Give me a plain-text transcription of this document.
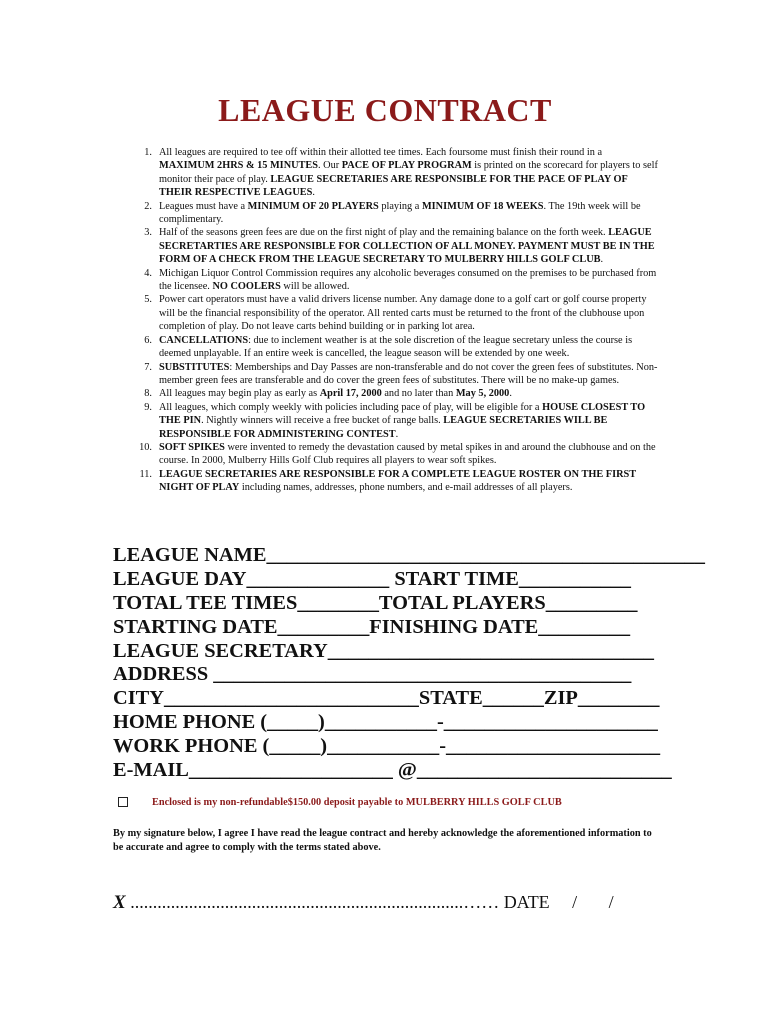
LEAGUE CONTRACT
1. All leagues are required to tee off within their allotted tee times. Each foursome must finish their round in a MAXIMUM 2HRS & 15 MINUTES. Our PACE OF PLAY PROGRAM is printed on the scorecard for players to self monitor their pace of play. LEAGUE SECRETARIES ARE RESPONSIBLE FOR THE PACE OF PLAY OF THEIR RESPECTIVE LEAGUES.
2. Leagues must have a MINIMUM OF 20 PLAYERS playing a MINIMUM OF 18 WEEKS. The 19th week will be complimentary.
3. Half of the seasons green fees are due on the first night of play and the remaining balance on the forth week. LEAGUE SECRETARTIES ARE RESPONSIBLE FOR COLLECTION OF ALL MONEY. PAYMENT MUST BE IN THE FORM OF A CHECK FROM THE LEAGUE SECRETARY TO MULBERRY HILLS GOLF CLUB.
4. Michigan Liquor Control Commission requires any alcoholic beverages consumed on the premises to be purchased from the licensee. NO COOLERS will be allowed.
5. Power cart operators must have a valid drivers license number. Any damage done to a golf cart or golf course property will be the financial responsibility of the operator. All rented carts must be returned to the front of the clubhouse upon completion of play. Do not leave carts behind building or in parking lot area.
6. CANCELLATIONS: due to inclement weather is at the sole discretion of the league secretary unless the course is deemed unplayable. If an entire week is cancelled, the league season will be extended by one week.
7. SUBSTITUTES: Memberships and Day Passes are non-transferable and do not cover the green fees of substitutes. Non-member green fees are transferable and do cover the green fees of substitutes. There will be no make-up games.
8. All leagues may begin play as early as April 17, 2000 and no later than May 5, 2000.
9. All leagues, which comply weekly with policies including pace of play, will be eligible for a HOUSE CLOSEST TO THE PIN. Nightly winners will receive a free bucket of range balls. LEAGUE SECRETARIES WILL BE RESPONSIBLE FOR ADMINISTERING CONTEST.
10. SOFT SPIKES were invented to remedy the devastation caused by metal spikes in and around the clubhouse and on the course. In 2000, Mulberry Hills Golf Club requires all players to wear soft spikes.
11. LEAGUE SECRETARIES ARE RESPONSIBLE FOR A COMPLETE LEAGUE ROSTER ON THE FIRST NIGHT OF PLAY including names, addresses, phone numbers, and e-mail addresses of all players.
LEAGUE NAME___________________________________________
LEAGUE DAY______________ START TIME___________
TOTAL TEE TIMES________TOTAL PLAYERS_________
STARTING DATE_________FINISHING DATE_________
LEAGUE SECRETARY________________________________
ADDRESS _________________________________________
CITY_________________________STATE______ZIP________
HOME PHONE (_____)___________-_____________________
WORK PHONE (_____)___________-_____________________
E-MAIL____________________ @_________________________
Enclosed is my non-refundable$150.00 deposit payable to MULBERRY HILLS GOLF CLUB
By my signature below, I agree I have read the league contract and hereby acknowledge the aforementioned information to be accurate and agree to comply with the terms stated above.
X ..........................................................................…… DATE     /       /
